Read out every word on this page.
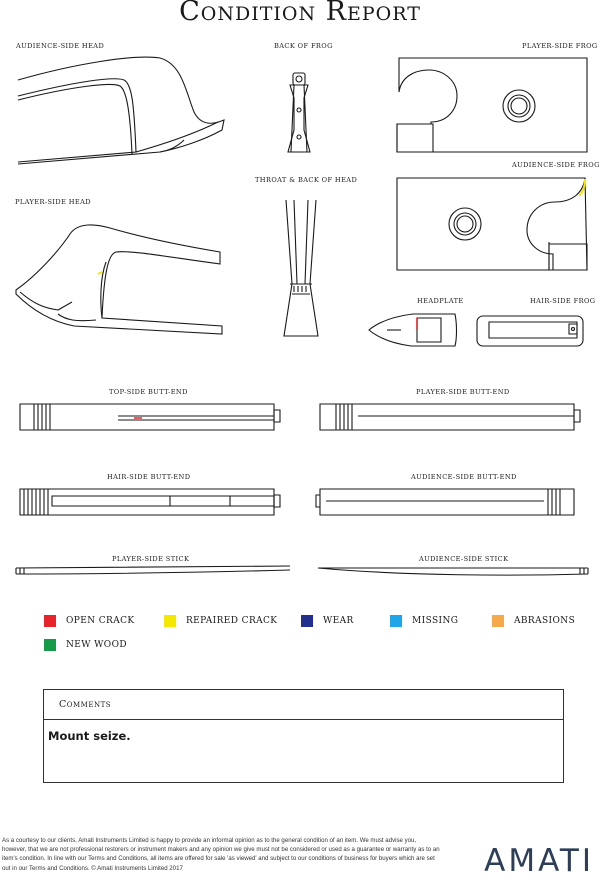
Condition Report
AUDIENCE-SIDE HEAD	BACK OF FROG	PLAYER-SIDE FROG
AUDIENCE-SIDE FROG
THROAT & BACK OF HEAD
PLAYER-SIDE HEAD
HEADPLATE	HAIR-SIDE FROG
TOP-SIDE BUTT-END	PLAYER-SIDE BUTT-END
HAIR-SIDE BUTT-END	AUDIENCE-SIDE BUTT-END
PLAYER-SIDE STICK	AUDIENCE-SIDE STICK
OPEN CRACK	REPAIRED CRACK	WEAR	MISSING	ABRASIONS
NEW WOOD
Comments
Mount seize.
As a courtesy to our clients, Amati Instruments Limited is happy to provide an informal opinion as to the general condition of an item. We must advise you, however, that we are not professional restorers or instrument makers and any opinion we give must not be considered or used as a guarantee or warranty as to an item's condition. In line with our Terms and Conditions, all items are offered for sale 'as viewed' and subject to our conditions of business for buyers which are set out in our Terms and Conditions. © Amati Instruments Limited 2017	AMATI
